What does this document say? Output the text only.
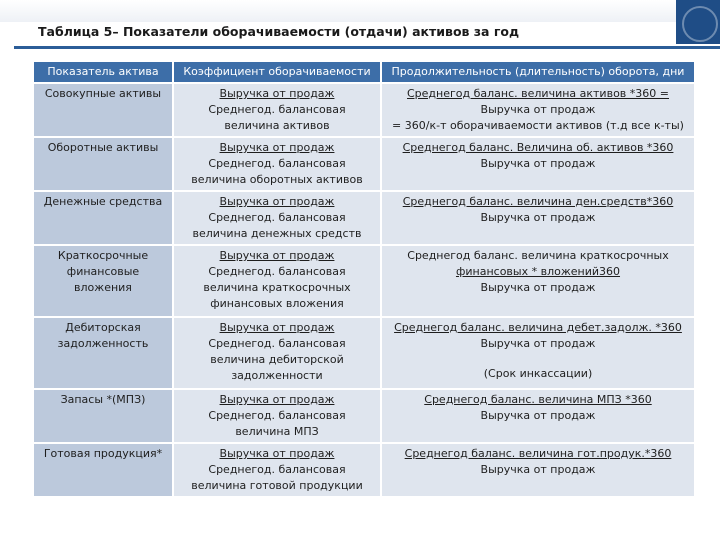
Таблица 5– Показатели оборачиваемости (отдачи) активов за год
Показатель актива	Коэффициент оборачиваемости	Продолжительность (длительность) оборота, дни
Совокупные активы	Выручка от продаж
Среднегод. балансовая
величина активов	Среднегод баланс. величина активов *360 =
Выручка от продаж
= 360/к-т оборачиваемости активов (т.д все к-ты)
Оборотные активы	Выручка от продаж
Среднегод. балансовая
величина оборотных активов	Среднегод баланс. Величина об. активов *360
Выручка от продаж
Денежные средства	Выручка от продаж
Среднегод. балансовая
величина денежных средств	Среднегод баланс. величина ден.средств*360
Выручка от продаж
Краткосрочные финансовые вложения	Выручка от продаж
Среднегод. балансовая
величина краткосрочных
финансовых вложения	Среднегод баланс. величина краткосрочных
финансовых * вложений360
Выручка от продаж
Дебиторская задолженность	Выручка от продаж
Среднегод. балансовая
величина дебиторской
задолженности	Среднегод баланс. величина дебет.задолж. *360
Выручка от продаж

(Срок инкассации)
Запасы *(МПЗ)	Выручка от продаж
Среднегод. балансовая
величина МПЗ	Среднегод баланс. величина МПЗ *360
Выручка от продаж
Готовая продукция*	Выручка от продаж
Среднегод. балансовая
величина готовой продукции	Среднегод баланс. величина гот.продук.*360
Выручка от продаж
